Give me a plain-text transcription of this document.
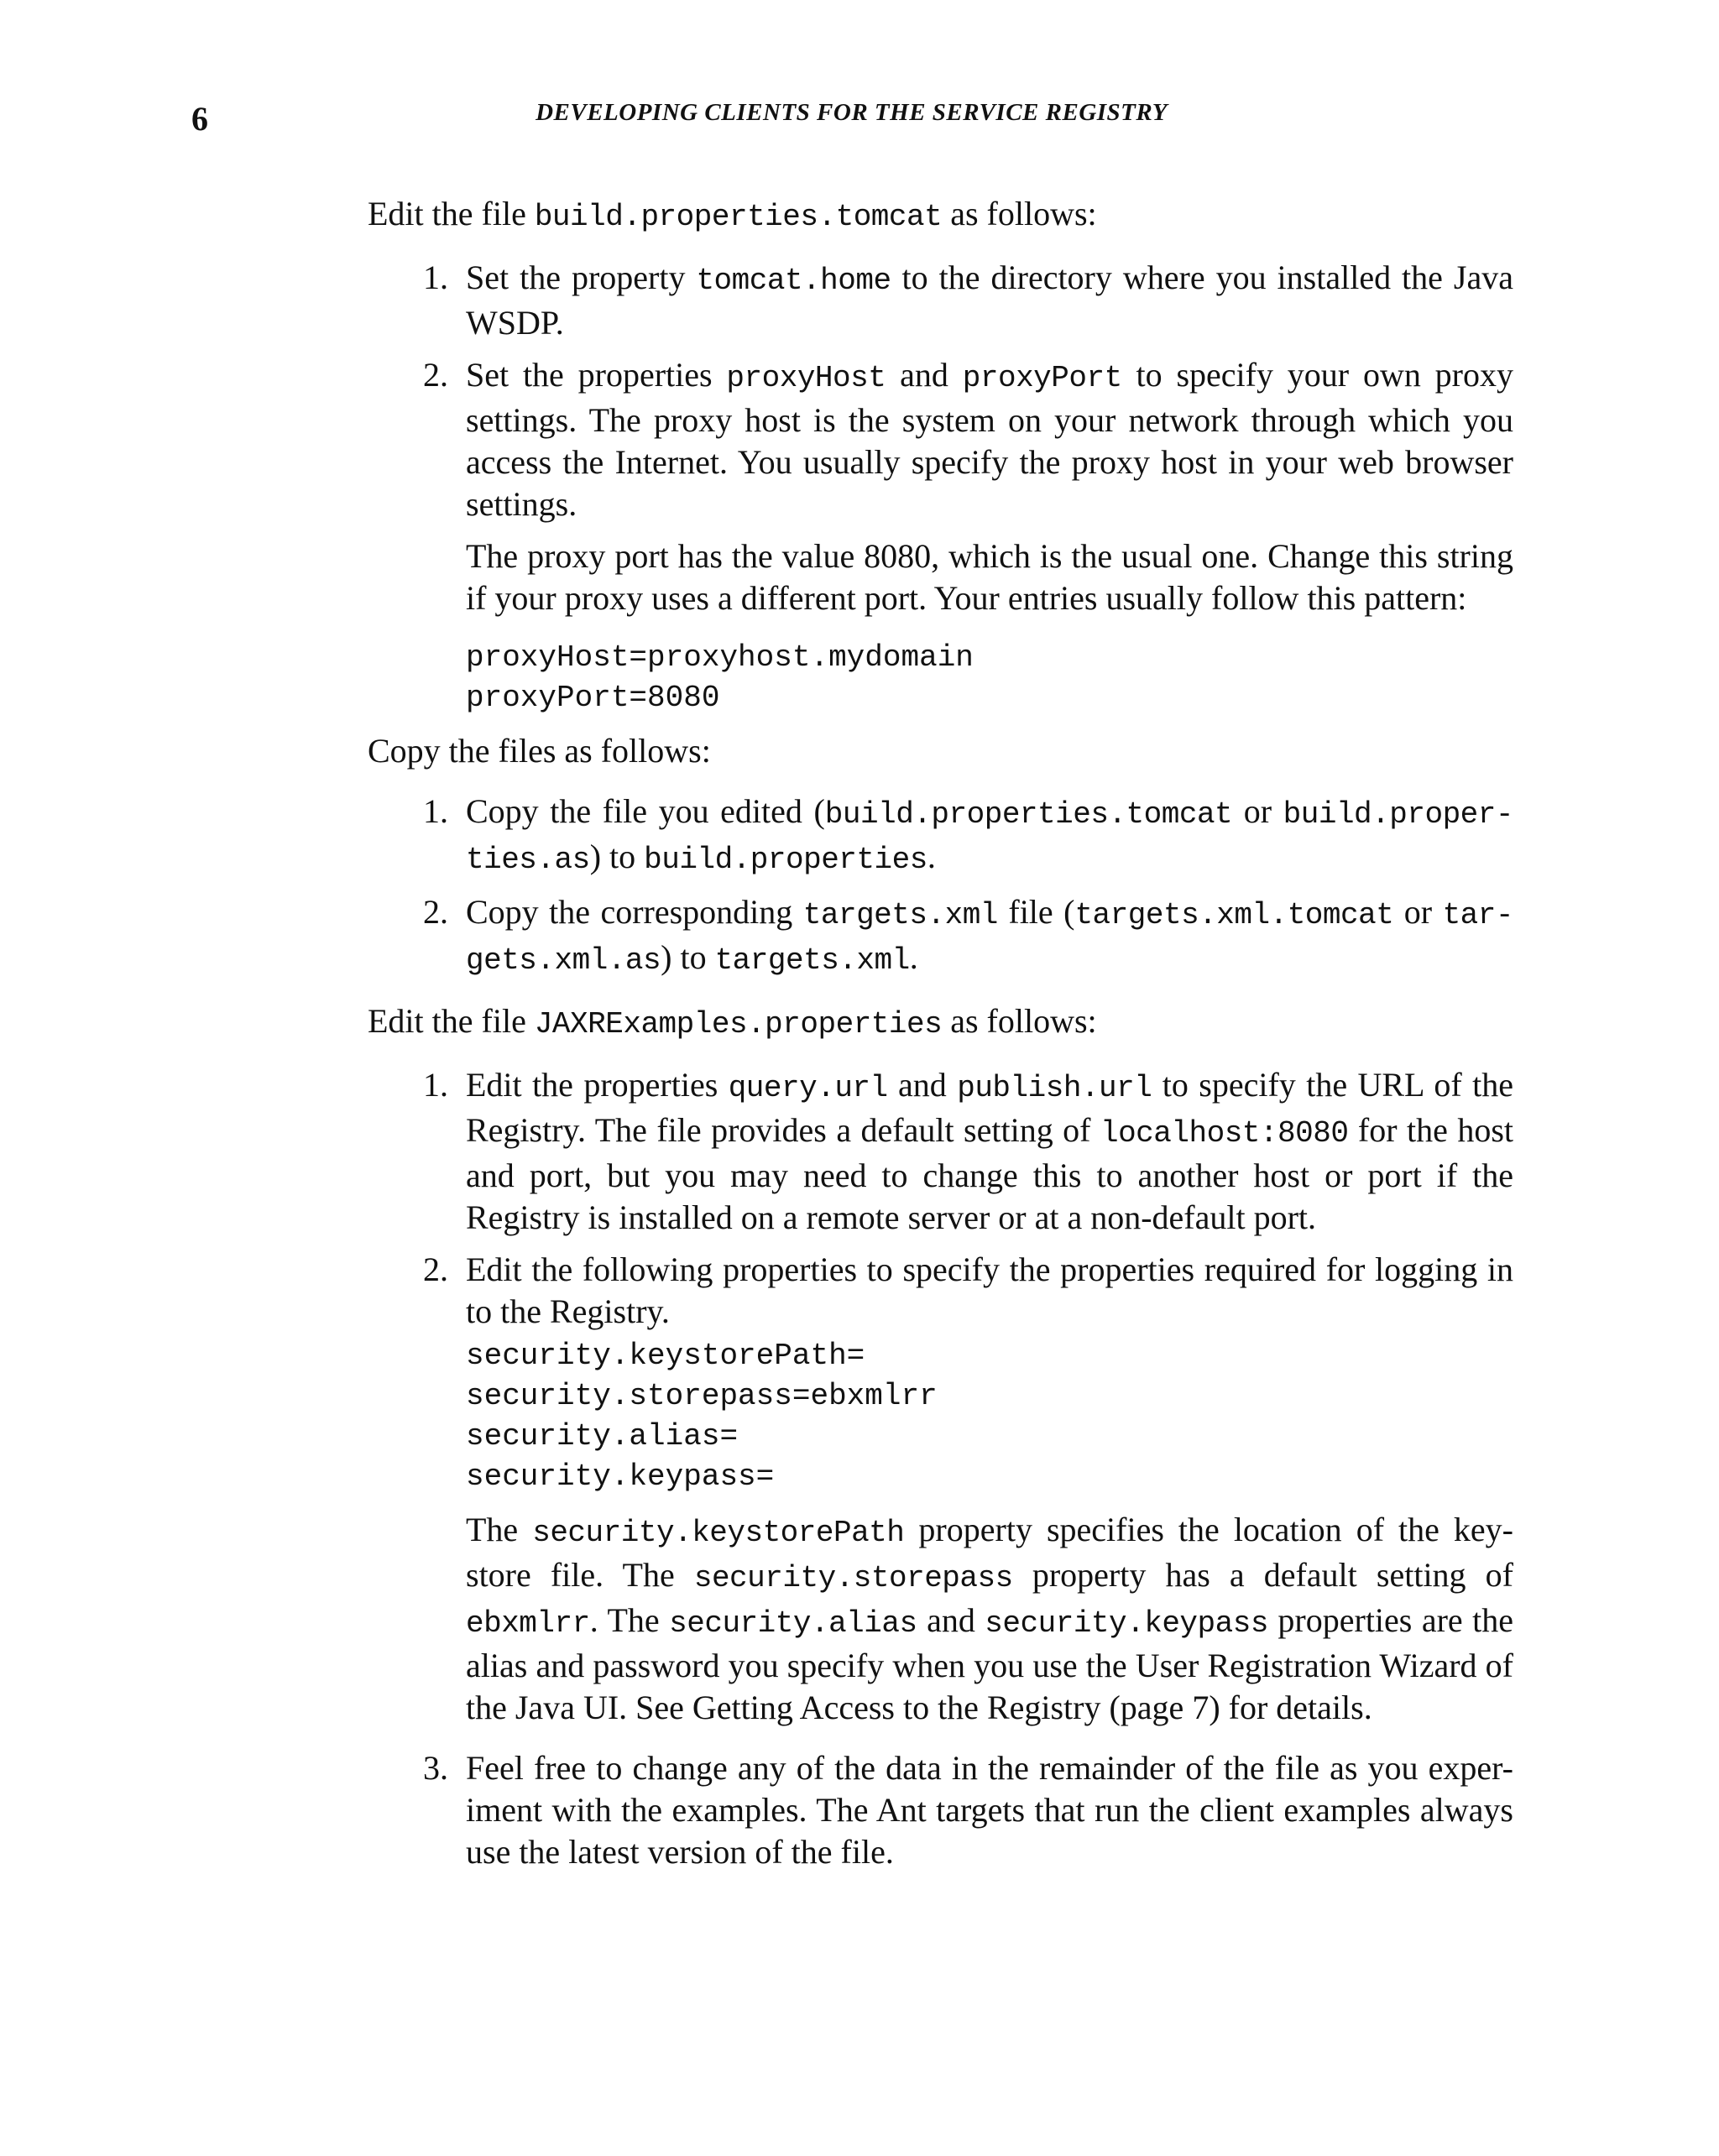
6	DEVELOPING CLIENTS FOR THE SERVICE REGISTRY

Edit the file build.properties.tomcat as follows:

1. Set the property tomcat.home to the directory where you installed the Java WSDP.

2. Set the properties proxyHost and proxyPort to specify your own proxy settings. The proxy host is the system on your network through which you access the Internet. You usually specify the proxy host in your web browser settings.

The proxy port has the value 8080, which is the usual one. Change this string if your proxy uses a different port. Your entries usually follow this pattern:

proxyHost=proxyhost.mydomain
proxyPort=8080

Copy the files as follows:

1. Copy the file you edited (build.properties.tomcat or build.proper-ties.as) to build.properties.

2. Copy the corresponding targets.xml file (targets.xml.tomcat or tar-gets.xml.as) to targets.xml.

Edit the file JAXRExamples.properties as follows:

1. Edit the properties query.url and publish.url to specify the URL of the Registry. The file provides a default setting of localhost:8080 for the host and port, but you may need to change this to another host or port if the Registry is installed on a remote server or at a non-default port.

2. Edit the following properties to specify the properties required for logging in to the Registry.

security.keystorePath=
security.storepass=ebxmlrr
security.alias=
security.keypass=

The security.keystorePath property specifies the location of the key-store file. The security.storepass property has a default setting of ebxmlrr. The security.alias and security.keypass properties are the alias and password you specify when you use the User Registration Wizard of the Java UI. See Getting Access to the Registry (page 7) for details.

3. Feel free to change any of the data in the remainder of the file as you exper-iment with the examples. The Ant targets that run the client examples always use the latest version of the file.
